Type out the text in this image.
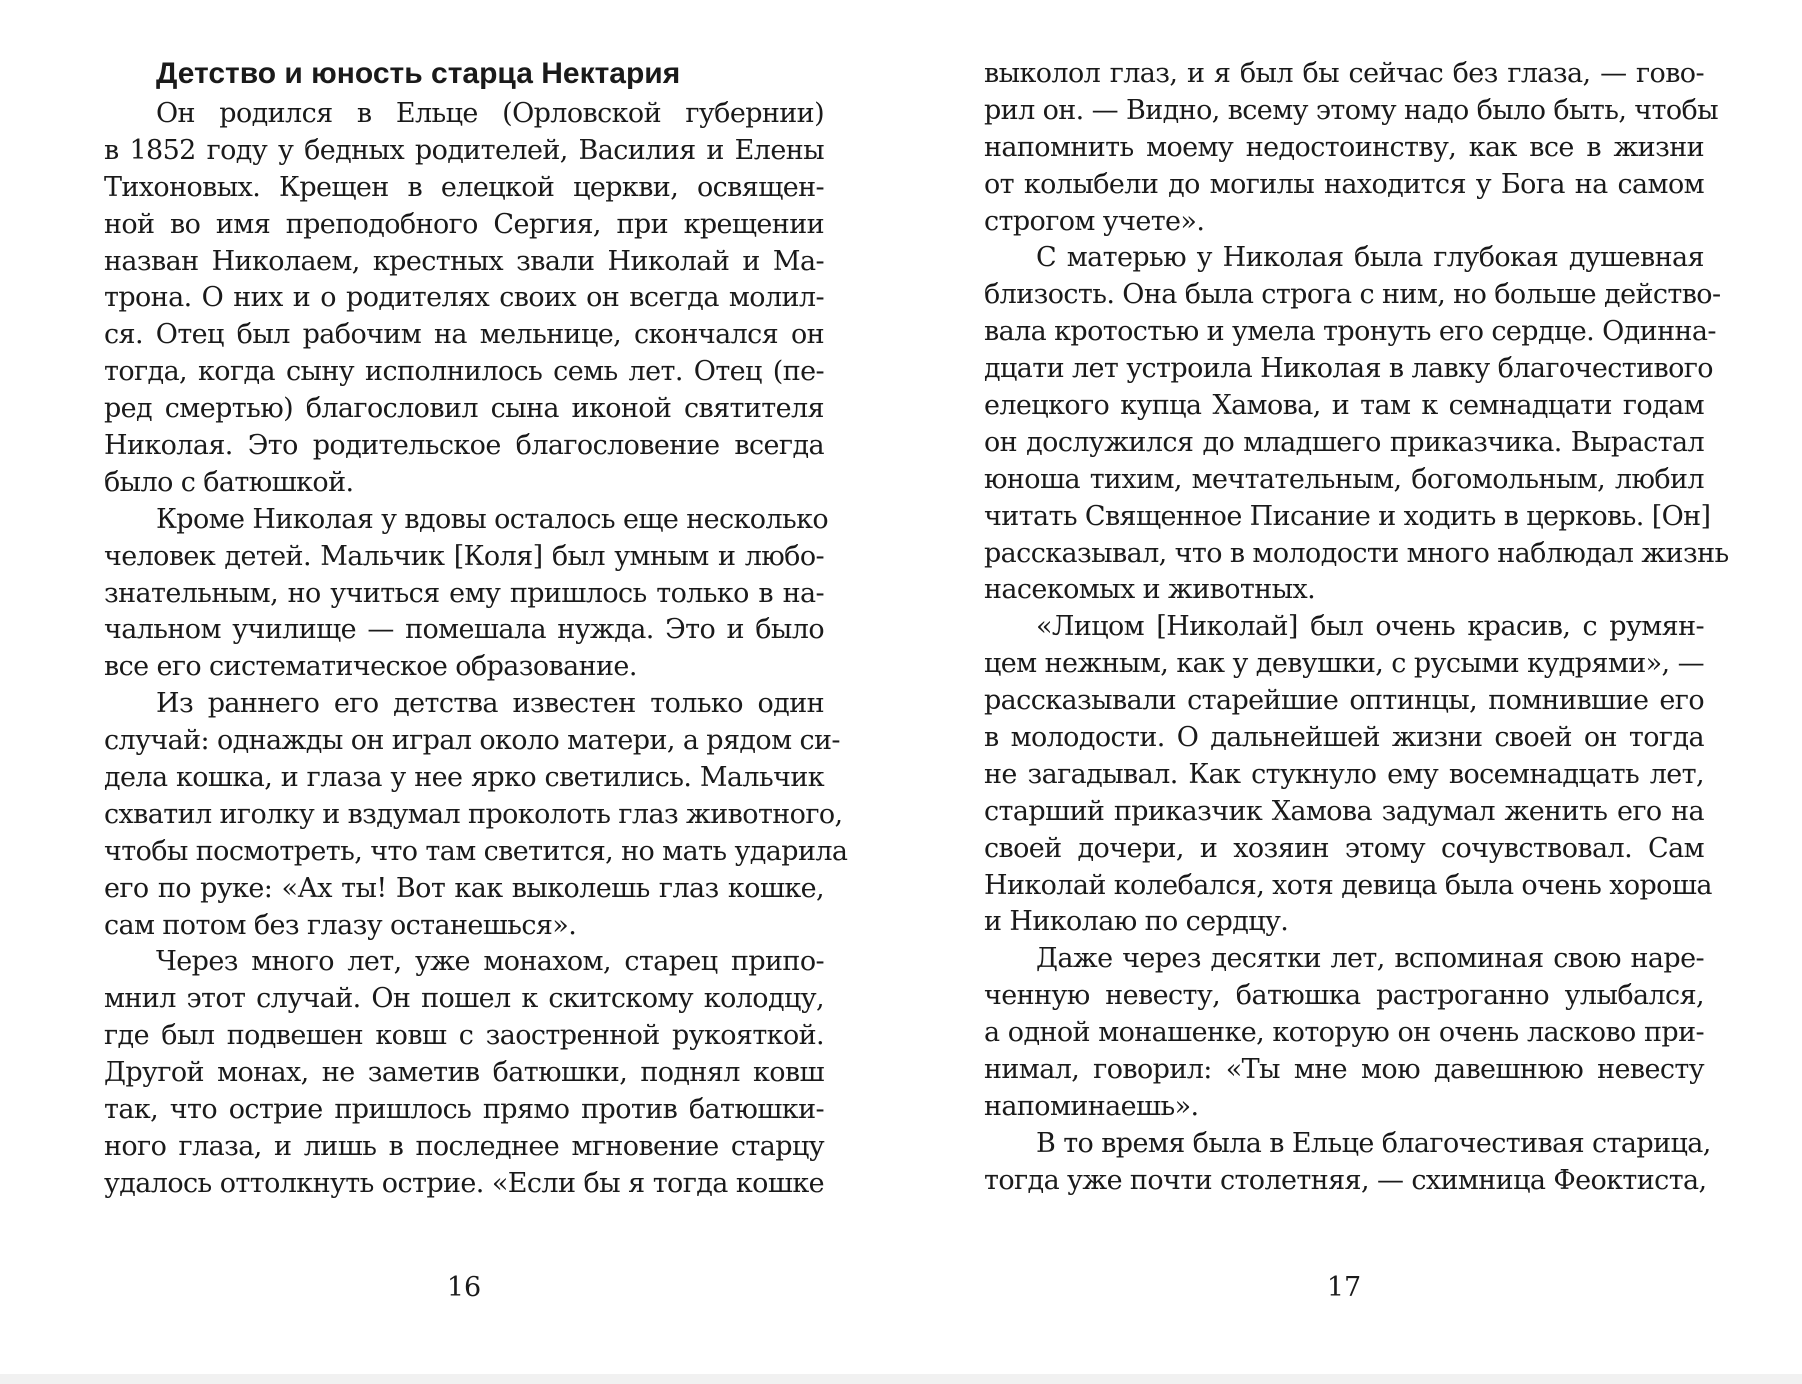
Детство и юность старца Нектария
Он родился в Ельце (Орловской губернии)
в 1852 году у бедных родителей, Василия и Елены
Тихоновых. Крещен в елецкой церкви, освящен-
ной во имя преподобного Сергия, при крещении
назван Николаем, крестных звали Николай и Ма-
трона. О них и о родителях своих он всегда молил-
ся. Отец был рабочим на мельнице, скончался он
тогда, когда сыну исполнилось семь лет. Отец (пе-
ред смертью) благословил сына иконой святителя
Николая. Это родительское благословение всегда
было с батюшкой.
Кроме Николая у вдовы осталось еще несколько
человек детей. Мальчик [Коля] был умным и любо-
знательным, но учиться ему пришлось только в на-
чальном училище — помешала нужда. Это и было
все его систематическое образование.
Из раннего его детства известен только один
случай: однажды он играл около матери, а рядом си-
дела кошка, и глаза у нее ярко светились. Мальчик
схватил иголку и вздумал проколоть глаз животного,
чтобы посмотреть, что там светится, но мать ударила
его по руке: «Ах ты! Вот как выколешь глаз кошке,
сам потом без глазу останешься».
Через много лет, уже монахом, старец припо-
мнил этот случай. Он пошел к скитскому колодцу,
где был подвешен ковш с заостренной рукояткой.
Другой монах, не заметив батюшки, поднял ковш
так, что острие пришлось прямо против батюшки-
ного глаза, и лишь в последнее мгновение старцу
удалось оттолкнуть острие. «Если бы я тогда кошке
выколол глаз, и я был бы сейчас без глаза, — гово-
рил он. — Видно, всему этому надо было быть, чтобы
напомнить моему недостоинству, как все в жизни
от колыбели до могилы находится у Бога на самом
строгом учете».
С матерью у Николая была глубокая душевная
близость. Она была строга с ним, но больше действо-
вала кротостью и умела тронуть его сердце. Одинна-
дцати лет устроила Николая в лавку благочестивого
елецкого купца Хамова, и там к семнадцати годам
он дослужился до младшего приказчика. Вырастал
юноша тихим, мечтательным, богомольным, любил
читать Священное Писание и ходить в церковь. [Он]
рассказывал, что в молодости много наблюдал жизнь
насекомых и животных.
«Лицом [Николай] был очень красив, с румян-
цем нежным, как у девушки, с русыми кудрями», —
рассказывали старейшие оптинцы, помнившие его
в молодости. О дальнейшей жизни своей он тогда
не загадывал. Как стукнуло ему восемнадцать лет,
старший приказчик Хамова задумал женить его на
своей дочери, и хозяин этому сочувствовал. Сам
Николай колебался, хотя девица была очень хороша
и Николаю по сердцу.
Даже через десятки лет, вспоминая свою наре-
ченную невесту, батюшка растроганно улыбался,
а одной монашенке, которую он очень ласково при-
нимал, говорил: «Ты мне мою давешнюю невесту
напоминаешь».
В то время была в Ельце благочестивая старица,
тогда уже почти столетняя, — схимница Феоктиста,
16	17
